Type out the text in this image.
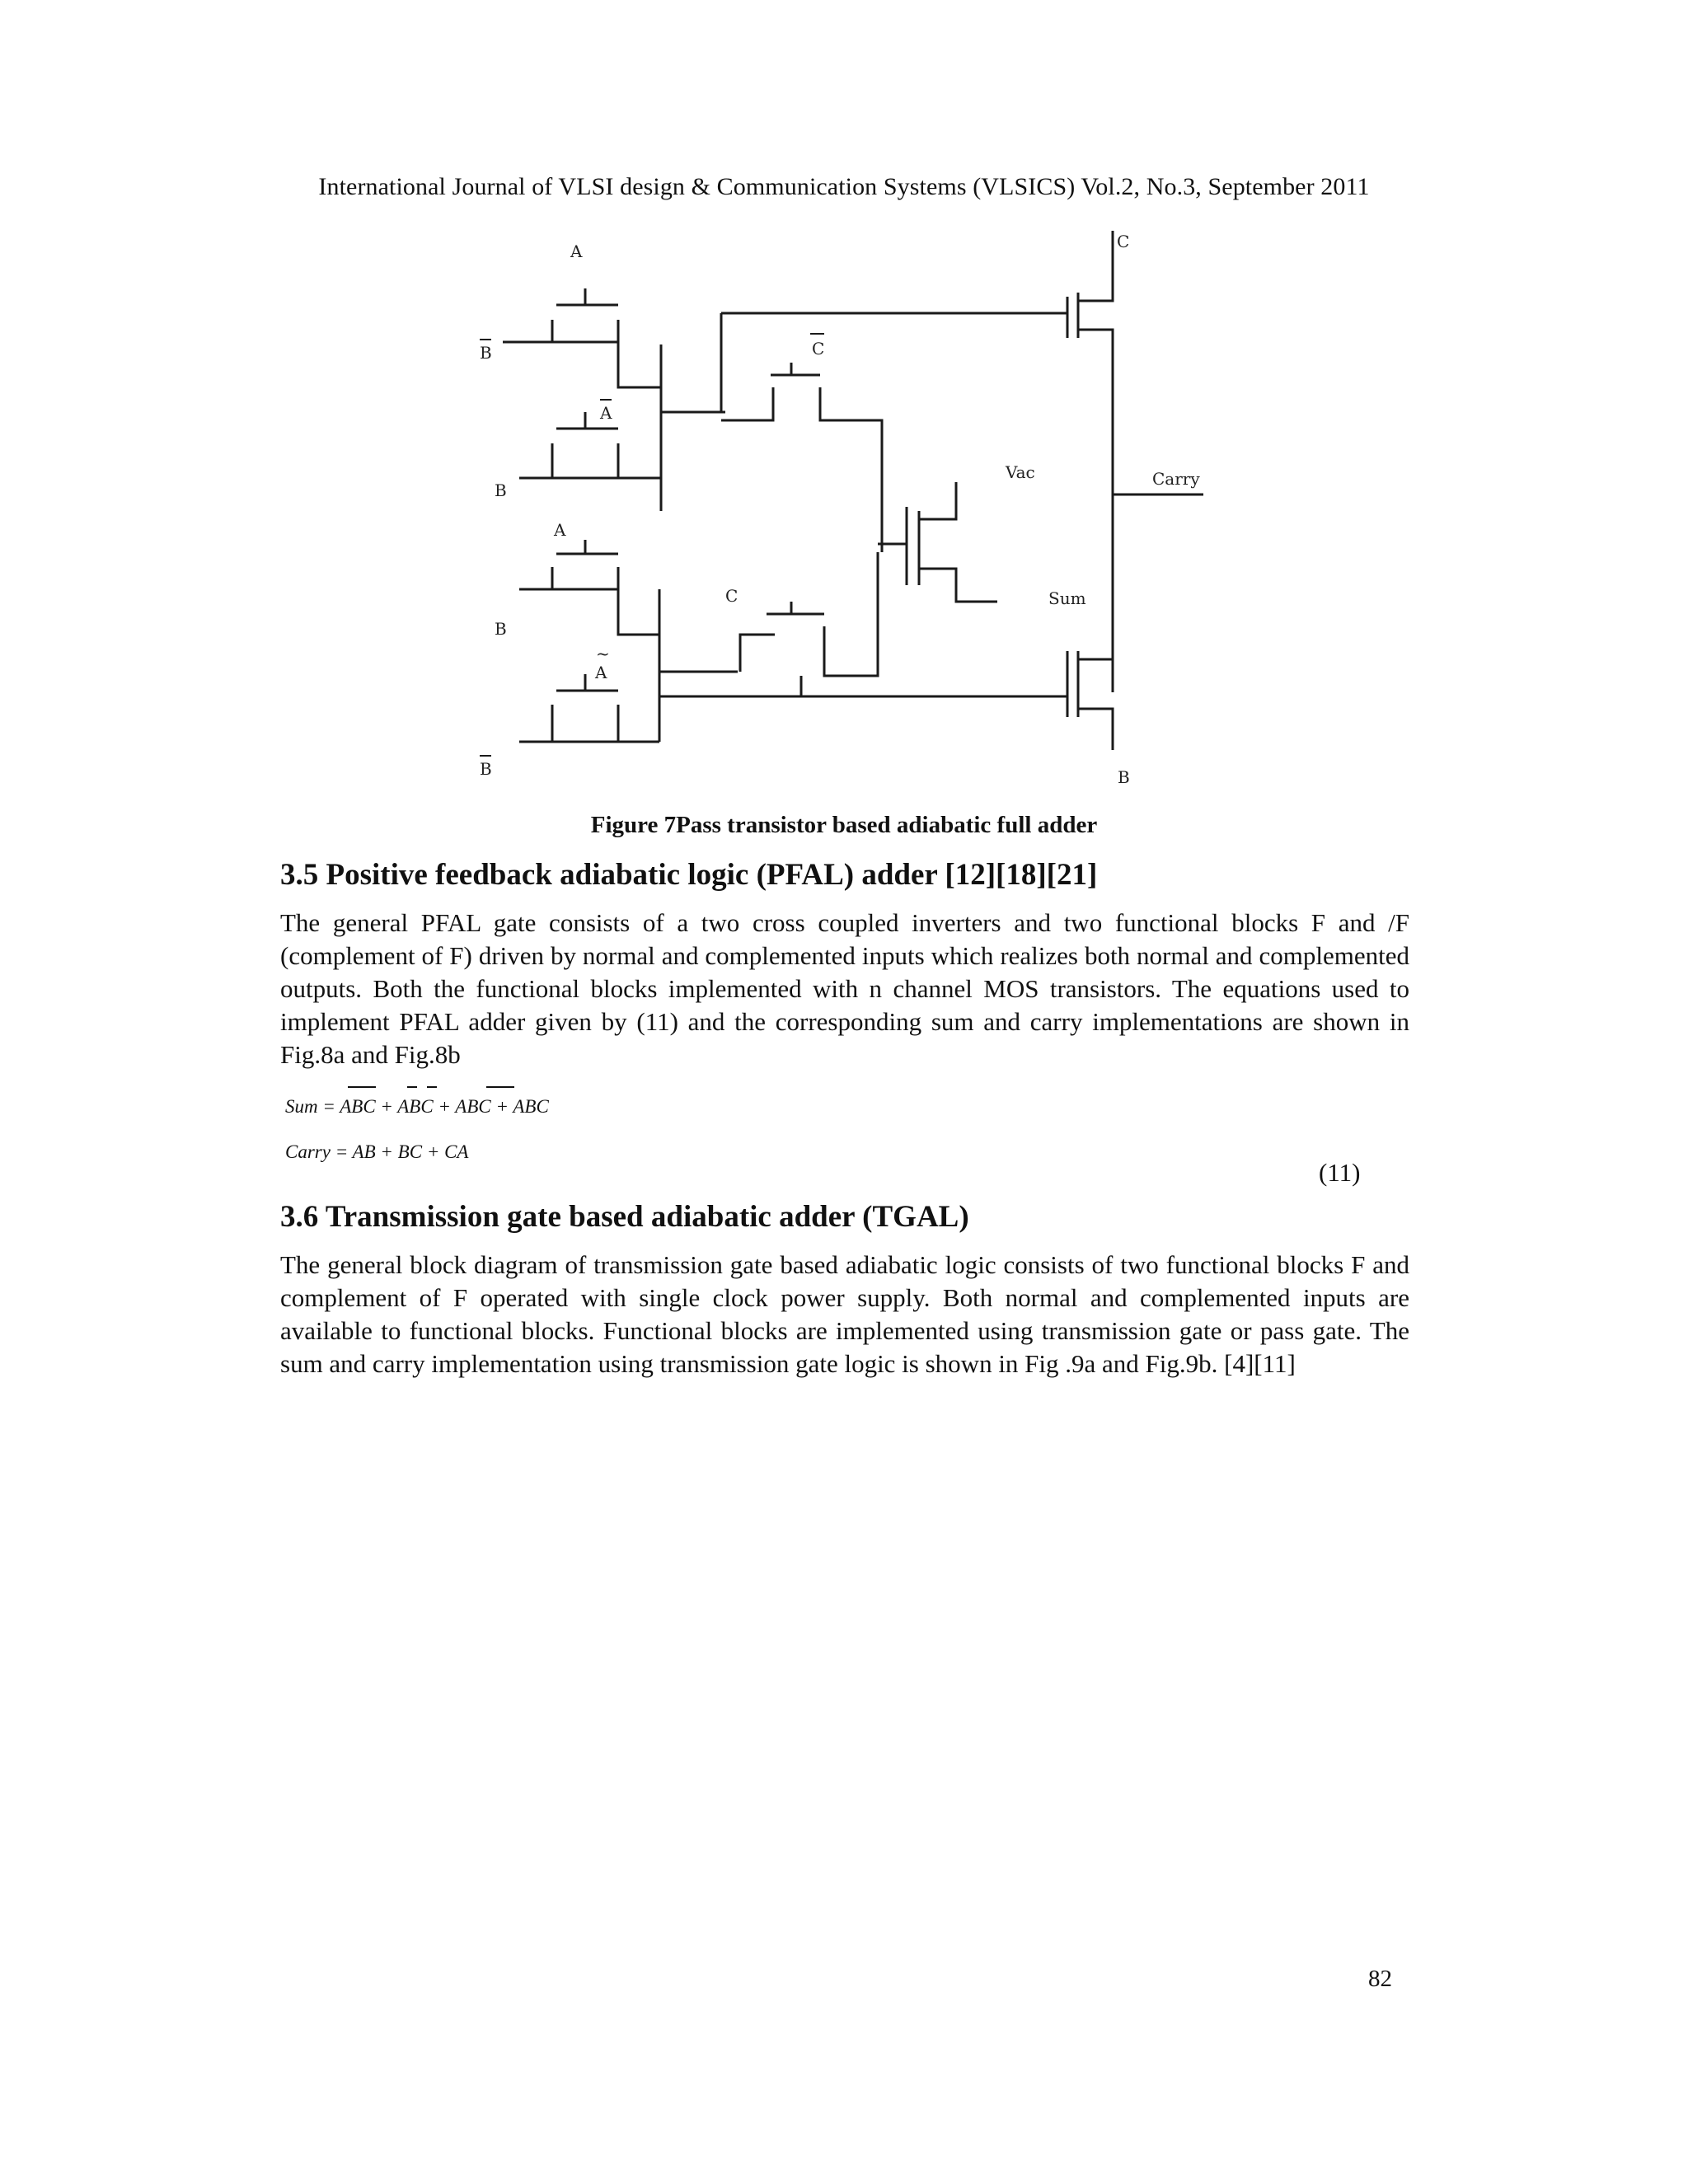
International Journal of VLSI design & Communication Systems (VLSICS) Vol.2, No.3, September 2011
A
B
A
B
A
B
A
~
B
C
C
C
Vac
Sum
Carry
B
Figure 7Pass transistor based adiabatic full adder
3.5 Positive feedback adiabatic logic (PFAL) adder [12][18][21]
The general PFAL gate consists of a two cross coupled inverters and two functional blocks F and /F (complement of F) driven by normal and complemented inputs which realizes both normal and complemented outputs. Both the functional blocks implemented with n channel MOS transistors. The equations used to implement PFAL adder given by (11) and the corresponding sum and carry implementations are shown in Fig.8a and Fig.8b
Sum = ABC + ABC + ABC + ABC
Carry = AB + BC + CA
(11)
3.6 Transmission gate based adiabatic adder (TGAL)
The general block diagram of transmission gate based adiabatic logic consists of two functional blocks F and complement of F operated with single clock power supply. Both normal and complemented inputs are available to functional blocks. Functional blocks are implemented using transmission gate or pass gate. The sum and carry implementation using transmission gate logic is shown in Fig .9a and Fig.9b. [4][11]
82
